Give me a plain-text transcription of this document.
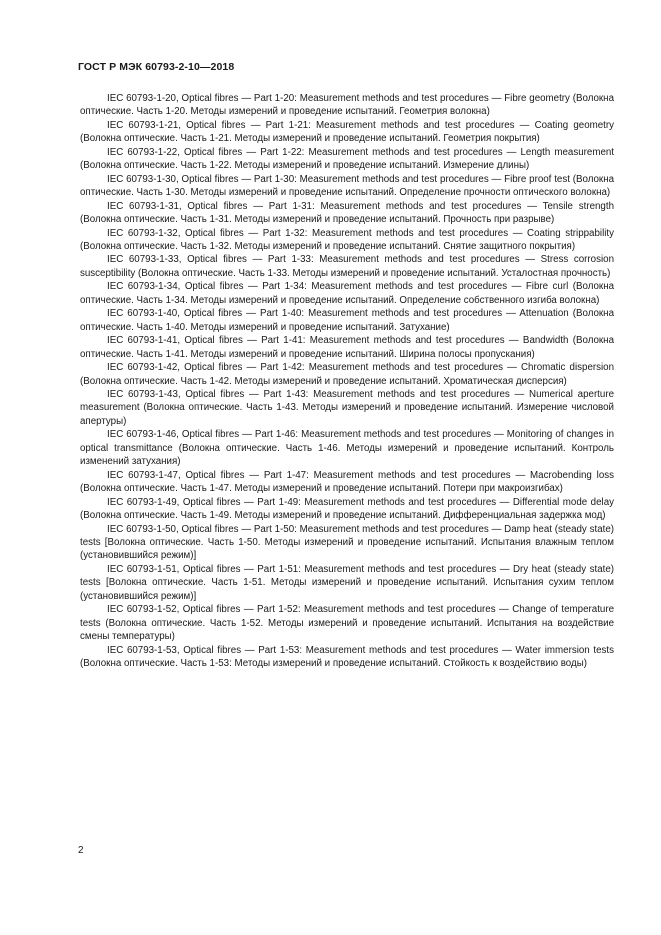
ГОСТ Р МЭК 60793-2-10—2018

IEC 60793-1-20, Optical fibres — Part 1-20: Measurement methods and test procedures — Fibre geometry (Волокна оптические. Часть 1-20. Методы измерений и проведение испытаний. Геометрия волокна)

IEC 60793-1-21, Optical fibres — Part 1-21: Measurement methods and test procedures — Coating geometry (Волокна оптические. Часть 1-21. Методы измерений и проведение испытаний. Геометрия покрытия)

IEC 60793-1-22, Optical fibres — Part 1-22: Measurement methods and test procedures — Length measurement (Волокна оптические. Часть 1-22. Методы измерений и проведение испытаний. Измерение длины)

IEC 60793-1-30, Optical fibres — Part 1-30: Measurement methods and test procedures — Fibre proof test (Волокна оптические. Часть 1-30. Методы измерений и проведение испытаний. Определение прочности оптического волокна)

IEC 60793-1-31, Optical fibres — Part 1-31: Measurement methods and test procedures — Tensile strength (Волокна оптические. Часть 1-31. Методы измерений и проведение испытаний. Прочность при разрыве)

IEC 60793-1-32, Optical fibres — Part 1-32: Measurement methods and test procedures — Coating strippability (Волокна оптические. Часть 1-32. Методы измерений и проведение испытаний. Снятие защитного покрытия)

IEC 60793-1-33, Optical fibres — Part 1-33: Measurement methods and test procedures — Stress corrosion susceptibility (Волокна оптические. Часть 1-33. Методы измерений и проведение испытаний. Усталостная прочность)

IEC 60793-1-34, Optical fibres — Part 1-34: Measurement methods and test procedures — Fibre curl (Волокна оптические. Часть 1-34. Методы измерений и проведение испытаний. Определение собственного изгиба волокна)

IEC 60793-1-40, Optical fibres — Part 1-40: Measurement methods and test procedures — Attenuation (Волокна оптические. Часть 1-40. Методы измерений и проведение испытаний. Затухание)

IEC 60793-1-41, Optical fibres — Part 1-41: Measurement methods and test procedures — Bandwidth (Волокна оптические. Часть 1-41. Методы измерений и проведение испытаний. Ширина полосы пропускания)

IEC 60793-1-42, Optical fibres — Part 1-42: Measurement methods and test procedures — Chromatic dispersion (Волокна оптические. Часть 1-42. Методы измерений и проведение испытаний. Хроматическая дисперсия)

IEC 60793-1-43, Optical fibres — Part 1-43: Measurement methods and test procedures — Numerical aperture measurement (Волокна оптические. Часть 1-43. Методы измерений и проведение испытаний. Измерение числовой апертуры)

IEC 60793-1-46, Optical fibres — Part 1-46: Measurement methods and test procedures — Monitoring of changes in optical transmittance (Волокна оптические. Часть 1-46. Методы измерений и проведение испытаний. Контроль изменений затухания)

IEC 60793-1-47, Optical fibres — Part 1-47: Measurement methods and test procedures — Macrobending loss (Волокна оптические. Часть 1-47. Методы измерений и проведение испытаний. Потери при макроизгибах)

IEC 60793-1-49, Optical fibres — Part 1-49: Measurement methods and test procedures — Differential mode delay (Волокна оптические. Часть 1-49. Методы измерений и проведение испытаний. Дифференциальная задержка мод)

IEC 60793-1-50, Optical fibres — Part 1-50: Measurement methods and test procedures — Damp heat (steady state) tests [Волокна оптические. Часть 1-50. Методы измерений и проведение испытаний. Испытания влажным теплом (установившийся режим)]

IEC 60793-1-51, Optical fibres — Part 1-51: Measurement methods and test procedures — Dry heat (steady state) tests [Волокна оптические. Часть 1-51. Методы измерений и проведение испытаний. Испытания сухим теплом (установившийся режим)]

IEC 60793-1-52, Optical fibres — Part 1-52: Measurement methods and test procedures — Change of temperature tests (Волокна оптические. Часть 1-52. Методы измерений и проведение испытаний. Испытания на воздействие смены температуры)

IEC 60793-1-53, Optical fibres — Part 1-53: Measurement methods and test procedures — Water immersion tests (Волокна оптические. Часть 1-53: Методы измерений и проведение испытаний. Стойкость к воздействию воды)

2
